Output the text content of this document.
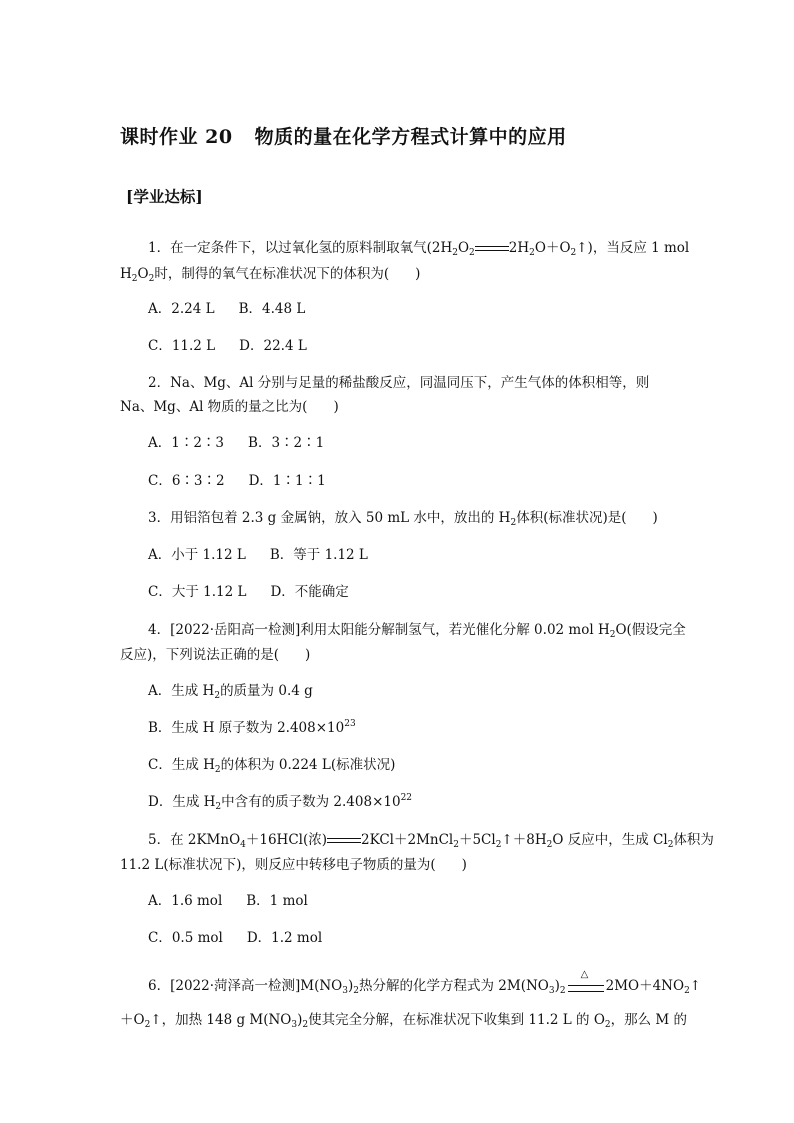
课时作业 20 物质的量在化学方程式计算中的应用
[学业达标]
1．在一定条件下，以过氧化氢的原料制取氧气($2H_2O_2$	$2H_2O+O_2↑$)，当反应 1 mol
$H_2O_2$时，制得的氧气在标准状况下的体积为( )
A．2.24 L B．4.48 L
C．11.2 L D．22.4 L
2．Na、Mg、Al 分别与足量的稀盐酸反应，同温同压下，产生气体的体积相等，则
Na、Mg、Al 物质的量之比为( )
A．1∶2∶3 B．3∶2∶1
C．6∶3∶2 D．1∶1∶1
3．用铝箔包着 2.3 g 金属钠，放入 50 mL 水中，放出的 $H_2$体积(标准状况)是( )
A．小于 1.12 L B．等于 1.12 L
C．大于 1.12 L D．不能确定
4．[2022·岳阳高一检测]利用太阳能分解制氢气，若光催化分解 0.02 mol $H_2O$(假设完全
反应)，下列说法正确的是( )
A．生成 $H_2$的质量为 0.4 g
B．生成 H 原子数为 $2.408\times 10^{23}$
C．生成 $H_2$的体积为 0.224 L(标准状况)
D．生成 $H_2$中含有的质子数为 $2.408\times 10^{22}$
5．在 2KMnO$_4$＋16HCl(浓)	$2KCl+2MnCl_2+5Cl_2↑+8H_2O$ 反应中，生成 $Cl_2$体积为
11.2 L(标准状况下)，则反应中转移电子物质的量为( )
A．1.6 mol B．1 mol
C．0.5 mol D．1.2 mol
6．[2022·菏泽高一检测]$M(NO_3)_2$热分解的化学方程式为 $2M(NO_3)_2$
△
$2MO+4NO_2↑$
$+O_2↑$，加热 148 g $M(NO_3)_2$使其完全分解，在标准状况下收集到 11.2 L 的 $O_2$，那么 M 的
